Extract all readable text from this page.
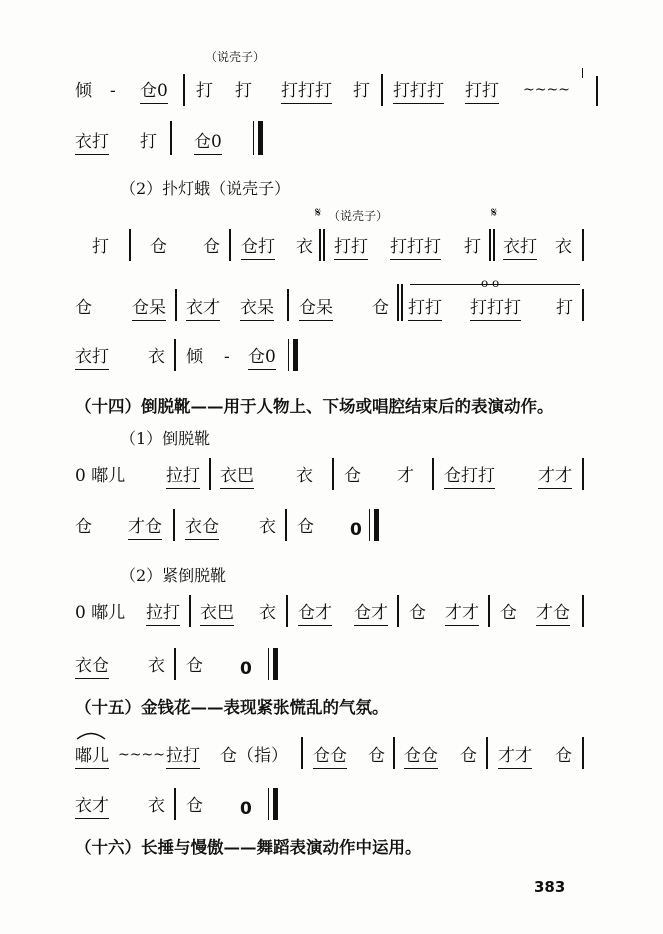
（说壳子）
倾 - 仓0 打 打 打打打 打 打打打 打打 ~~~~
衣打 打 仓0
（2）扑灯蛾（说壳子）
𝄋 （说壳子）	𝄋
打 仓 仓 仓打 衣 打打 打打打 打 衣打 衣
仓 仓呆 衣才 衣呆 仓呆 仓
o o
打打 打打打 打
衣打 衣 倾 - 仓0
（十四）倒脱靴——用于人物上、下场或唱腔结束后的表演动作。
（1）倒脱靴
0 嘟儿 拉打 衣巴 衣 仓 才 仓打打	才才
仓 才仓 衣仓 衣 仓 0
（2）紧倒脱靴
0 嘟儿 拉打 衣巴 衣 仓才 仓才 仓 才才 仓 才仓
衣仓 衣 仓 0
（十五）金钱花——表现紧张慌乱的气氛。
嘟儿 ~~~~ 拉打 仓（指） 仓仓 仓 仓仓 仓 才才 仓
衣才 衣 仓 0
（十六）长捶与慢傲——舞蹈表演动作中运用。
383
